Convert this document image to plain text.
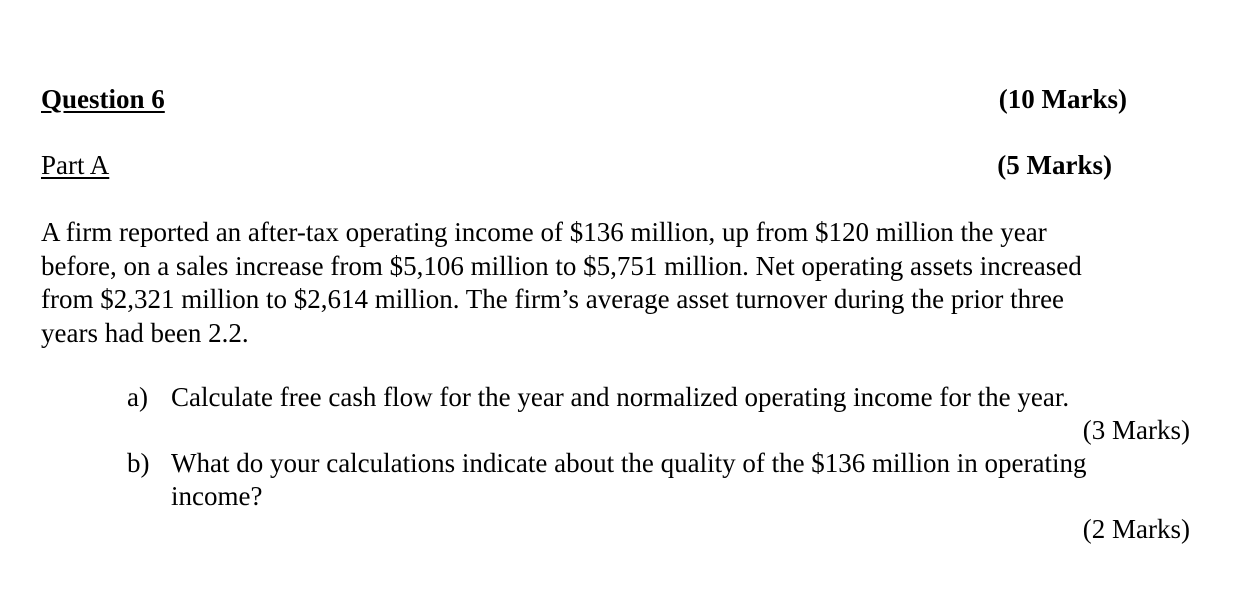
Question 6	(10 Marks)
Part A	(5 Marks)
A firm reported an after-tax operating income of $136 million, up from $120 million the year
before, on a sales increase from $5,106 million to $5,751 million. Net operating assets increased
from $2,321 million to $2,614 million. The firm’s average asset turnover during the prior three
years had been 2.2.
a) Calculate free cash flow for the year and normalized operating income for the year.
(3 Marks)
b) What do your calculations indicate about the quality of the $136 million in operating
income?
(2 Marks)
